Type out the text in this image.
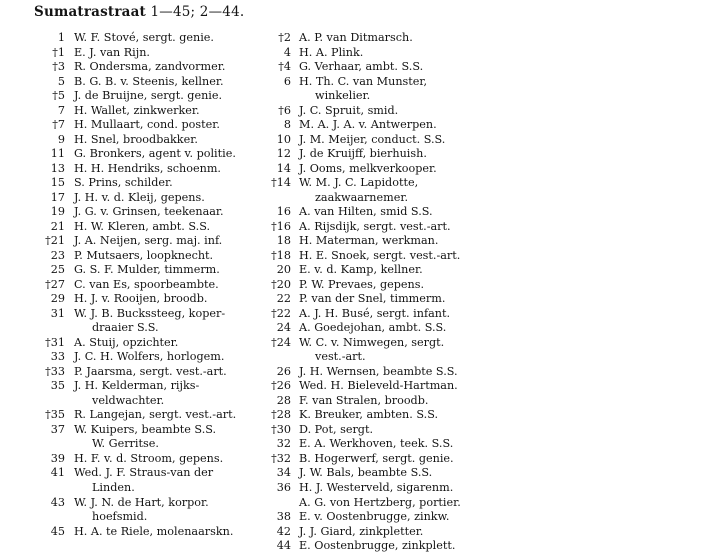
Sumatrastraat 1—45; 2—44.
1 W. F. Stové, sergt. genie.
†1 E. J. van Rijn.
†3 R. Ondersma, zandvormer.
5 B. G. B. v. Steenis, kellner.
†5 J. de Bruijne, sergt. genie.
7 H. Wallet, zinkwerker.
†7 H. Mullaart, cond. poster.
9 H. Snel, broodbakker.
11 G. Bronkers, agent v. politie.
13 H. H. Hendriks, schoenm.
15 S. Prins, schilder.
17 J. H. v. d. Kleij, gepens.
19 J. G. v. Grinsen, teekenaar.
21 H. W. Kleren, ambt. S.S.
†21 J. A. Neijen, serg. maj. inf.
23 P. Mutsaers, loopknecht.
25 G. S. F. Mulder, timmerm.
†27 C. van Es, spoorbeambte.
29 H. J. v. Rooijen, broodb.
31 W. J. B. Buckssteeg, koper-
draaier S.S.
†31 A. Stuij, opzichter.
33 J. C. H. Wolfers, horlogem.
†33 P. Jaarsma, sergt. vest.-art.
35 J. H. Kelderman, rijks-
veldwachter.
†35 R. Langejan, sergt. vest.-art.
37 W. Kuipers, beambte S.S.
W. Gerritse.
39 H. F. v. d. Stroom, gepens.
41 Wed. J. F. Straus-van der
Linden.
43 W. J. N. de Hart, korpor.
hoefsmid.
45 H. A. te Riele, molenaarskn.
†2 A. P. van Ditmarsch.
4 H. A. Plink.
†4 G. Verhaar, ambt. S.S.
6 H. Th. C. van Munster,
winkelier.
†6 J. C. Spruit, smid.
8 M. A. J. A. v. Antwerpen.
10 J. M. Meijer, conduct. S.S.
12 J. de Kruijff, bierhuish.
14 J. Ooms, melkverkooper.
†14 W. M. J. C. Lapidotte,
zaakwaarnemer.
16 A. van Hilten, smid S.S.
†16 A. Rijsdijk, sergt. vest.-art.
18 H. Materman, werkman.
†18 H. E. Snoek, sergt. vest.-art.
20 E. v. d. Kamp, kellner.
†20 P. W. Prevaes, gepens.
22 P. van der Snel, timmerm.
†22 A. J. H. Busé, sergt. infant.
24 A. Goedejohan, ambt. S.S.
†24 W. C. v. Nimwegen, sergt.
vest.-art.
26 J. H. Wernsen, beambte S.S.
†26 Wed. H. Bieleveld-Hartman.
28 F. van Stralen, broodb.
†28 K. Breuker, ambten. S.S.
†30 D. Pot, sergt.
32 E. A. Werkhoven, teek. S.S.
†32 B. Hogerwerf, sergt. genie.
34 J. W. Bals, beambte S.S.
36 H. J. Westerveld, sigarenm.
A. G. von Hertzberg, portier.
38 E. v. Oostenbrugge, zinkw.
42 J. J. Giard, zinkpletter.
44 E. Oostenbrugge, zinkplett.
